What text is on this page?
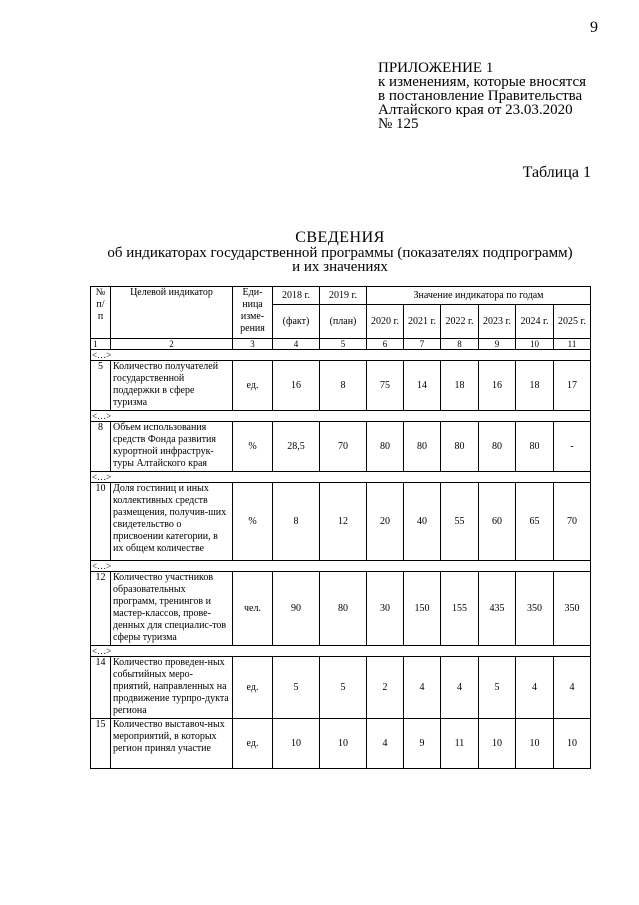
9
ПРИЛОЖЕНИЕ 1
к изменениям, которые вносятся
в постановление Правительства
Алтайского края от 23.03.2020
№ 125
Таблица 1
СВЕДЕНИЯ
об индикаторах государственной программы (показателях подпрограмм)
и их значениях
№ п/ п	Целевой индикатор	Еди-ница изме-рения	2018 г.	2019 г.	Значение индикатора по годам					
			(факт)	(план)	2020 г.	2021 г.	2022 г.	2023 г.	2024 г.	2025 г.
1	2	3	4	5	6	7	8	9	10	11
<…>										
5	Количество получателей государственной поддержки в сфере туризма	ед.	16	8	75	14	18	16	18	17
<…>										
8	Объем использования средств Фонда развития курортной инфраструк-туры Алтайского края	%	28,5	70	80	80	80	80	80	-
<…>										
10	Доля гостиниц и иных коллективных средств размещения, получив-ших свидетельство о присвоении категории, в их общем количестве	%	8	12	20	40	55	60	65	70
<…>										
12	Количество участников образовательных программ, тренингов и мастер-классов, прове-денных для специалис-тов сферы туризма	чел.	90	80	30	150	155	435	350	350
<…>										
14	Количество проведен-ных событийных меро-приятий, направленных на продвижение турпро-дукта региона	ед.	5	5	2	4	4	5	4	4
15	Количество выставоч-ных мероприятий, в которых регион принял участие	ед.	10	10	4	9	11	10	10	10
